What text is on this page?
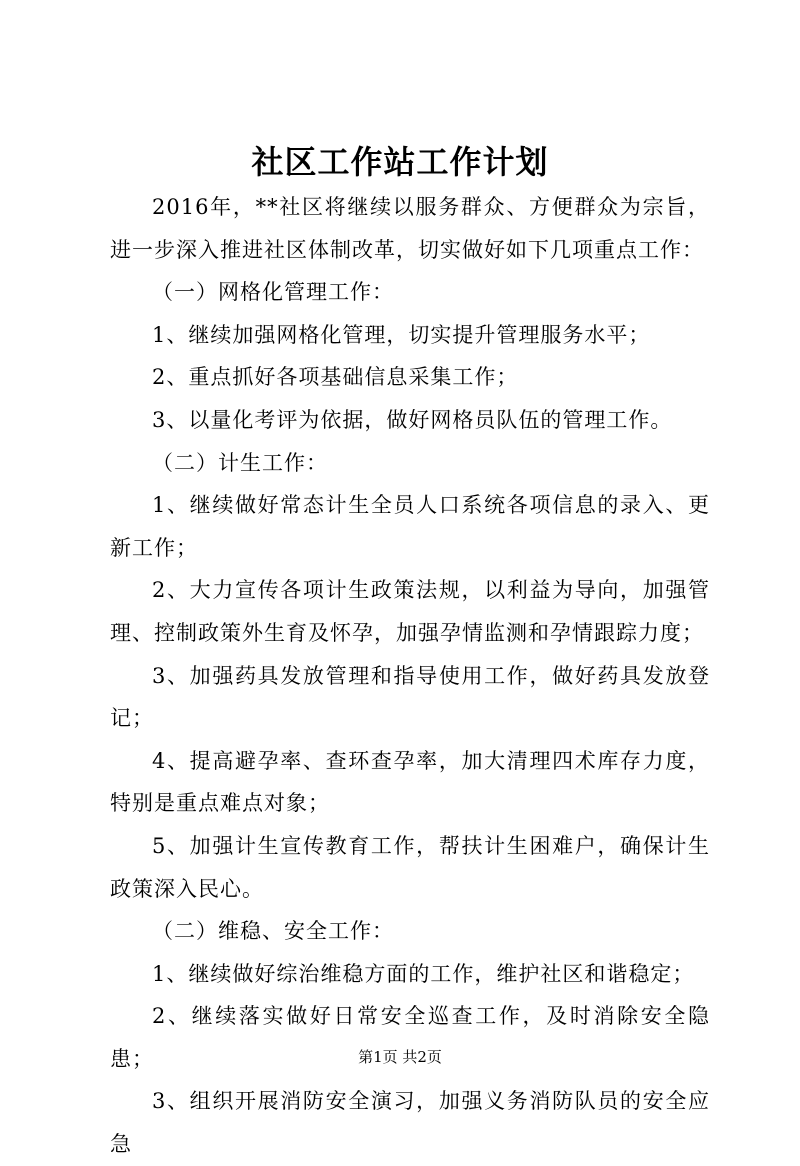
社区工作站工作计划

2016年，**社区将继续以服务群众、方便群众为宗旨，进一步深入推进社区体制改革，切实做好如下几项重点工作：

（一）网格化管理工作：

1、继续加强网格化管理，切实提升管理服务水平；

2、重点抓好各项基础信息采集工作；

3、以量化考评为依据，做好网格员队伍的管理工作。

（二）计生工作：

1、继续做好常态计生全员人口系统各项信息的录入、更新工作；

2、大力宣传各项计生政策法规，以利益为导向，加强管理、控制政策外生育及怀孕，加强孕情监测和孕情跟踪力度；

3、加强药具发放管理和指导使用工作，做好药具发放登记；

4、提高避孕率、查环查孕率，加大清理四术库存力度，特别是重点难点对象；

5、加强计生宣传教育工作，帮扶计生困难户，确保计生政策深入民心。

（二）维稳、安全工作：

1、继续做好综治维稳方面的工作，维护社区和谐稳定；

2、继续落实做好日常安全巡查工作，及时消除安全隐患；

3、组织开展消防安全演习，加强义务消防队员的安全应急

第1页 共2页
